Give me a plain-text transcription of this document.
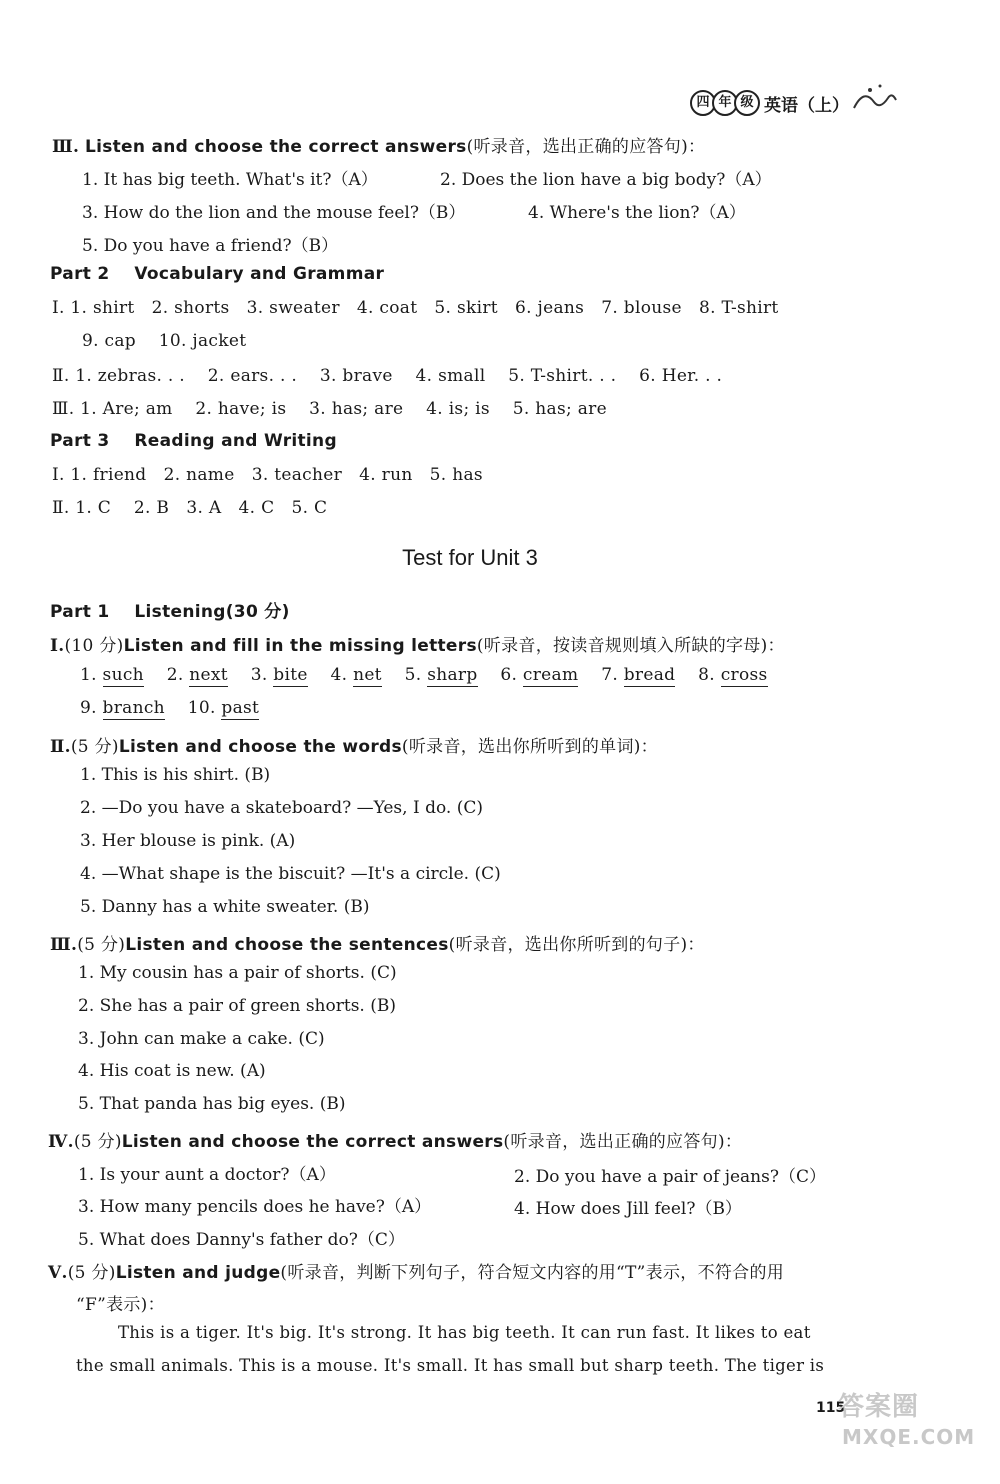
四 年 级 英语（上）
Ⅲ. Listen and choose the correct answers(听录音，选出正确的应答句)：
1. It has big teeth. What's it?（A）	2. Does the lion have a big body?（A）
3. How do the lion and the mouse feel?（B）	4. Where's the lion?（A）
5. Do you have a friend?（B）
Part 2    Vocabulary and Grammar
Ⅰ. 1. shirt   2. shorts   3. sweater   4. coat   5. skirt   6. jeans   7. blouse   8. T-shirt
9. cap    10. jacket
Ⅱ. 1. zebras. . .    2. ears. . .    3. brave    4. small    5. T-shirt. . .    6. Her. . .
Ⅲ. 1. Are; am    2. have; is    3. has; are    4. is; is    5. has; are
Part 3    Reading and Writing
Ⅰ. 1. friend   2. name   3. teacher   4. run   5. has
Ⅱ. 1. C    2. B   3. A   4. C   5. C
Test for Unit 3
Part 1    Listening(30 分)
Ⅰ.(10 分)Listen and fill in the missing letters(听录音，按读音规则填入所缺的字母)：
1. such 2. next 3. bite 4. net 5. sharp 6. cream 7. bread 8. cross
9. branch 10. past
Ⅱ.(5 分)Listen and choose the words(听录音，选出你所听到的单词)：
1. This is his shirt. (B)
2. —Do you have a skateboard? —Yes, I do. (C)
3. Her blouse is pink. (A)
4. —What shape is the biscuit? —It's a circle. (C)
5. Danny has a white sweater. (B)
Ⅲ.(5 分)Listen and choose the sentences(听录音，选出你所听到的句子)：
1. My cousin has a pair of shorts. (C)
2. She has a pair of green shorts. (B)
3. John can make a cake. (C)
4. His coat is new. (A)
5. That panda has big eyes. (B)
Ⅳ.(5 分)Listen and choose the correct answers(听录音，选出正确的应答句)：
1. Is your aunt a doctor?（A）	2. Do you have a pair of jeans?（C）
3. How many pencils does he have?（A）	4. How does Jill feel?（B）
5. What does Danny's father do?（C）
Ⅴ.(5 分)Listen and judge(听录音，判断下列句子，符合短文内容的用“T”表示，不符合的用
“F”表示)：
This is a tiger. It's big. It's strong. It has big teeth. It can run fast. It likes to eat
the small animals. This is a mouse. It's small. It has small but sharp teeth. The tiger is
115
答案圈
MXQE.COM
